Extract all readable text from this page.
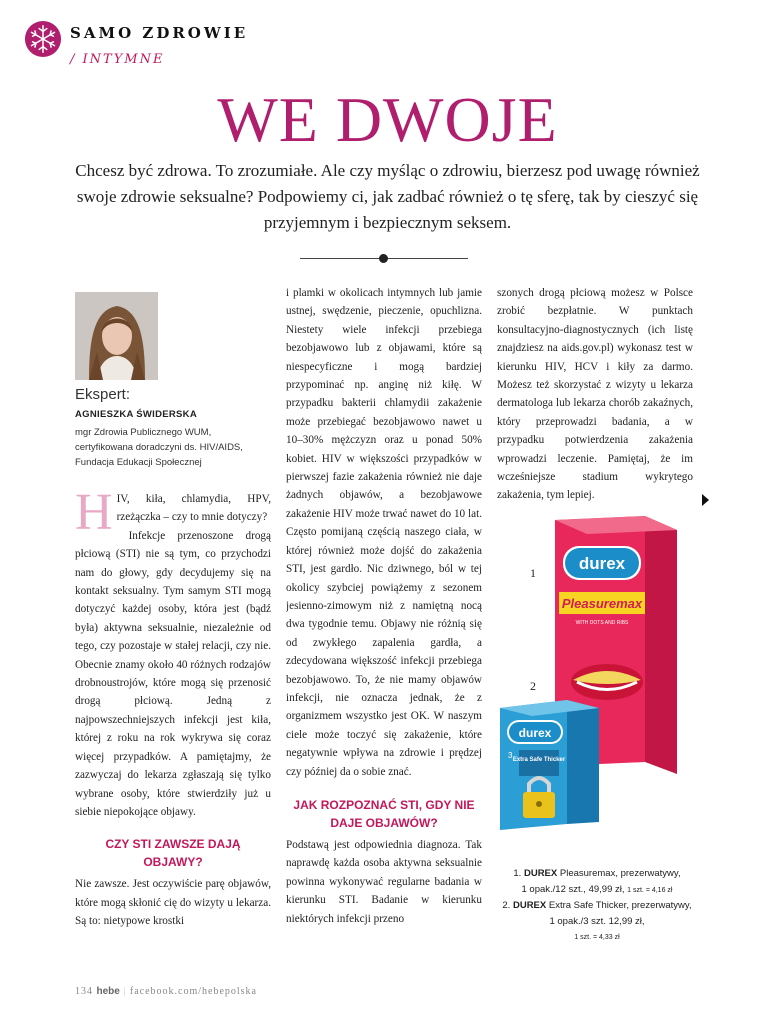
SAMO ZDROWIE
/ INTYMNE
WE DWOJE
Chcesz być zdrowa. To zrozumiałe. Ale czy myśląc o zdrowiu, bierzesz pod uwagę również swoje zdrowie seksualne? Podpowiemy ci, jak zadbać również o tę sferę, tak by cieszyć się przyjemnym i bezpiecznym seksem.
Ekspert:
AGNIESZKA ŚWIDERSKA
mgr Zdrowia Publicznego WUM,
certyfikowana doradczyni ds. HIV/AIDS,
Fundacja Edukacji Społecznej

HIV, kiła, chlamydia, HPV, rzeżączka – czy to mnie dotyczy?

Infekcje przenoszone drogą płciową (STI) nie są tym, co przychodzi nam do głowy, gdy decydujemy się na kontakt seksualny. Tym samym STI mogą dotyczyć każdej osoby, która jest (bądź była) aktywna seksualnie, niezależnie od tego, czy pozostaje w stałej relacji, czy nie. Obecnie znamy około 40 różnych rodzajów drobnoustrojów, które mogą się przenosić drogą płciową. Jedną z najpowszechniejszych infekcji jest kiła, której z roku na rok wykrywa się coraz więcej przypadków. A pamiętajmy, że zazwyczaj do lekarza zgłaszają się tylko wybrane osoby, które stwierdziły już u siebie niepokojące objawy.

CZY STI ZAWSZE DAJĄ OBJAWY?

Nie zawsze. Jest oczywiście parę objawów, które mogą skłonić cię do wizyty u lekarza. Są to: nietypowe krostki

i plamki w okolicach intymnych lub jamie ustnej, swędzenie, pieczenie, opuchlizna. Niestety wiele infekcji przebiega bezobjawowo lub z objawami, które są niespecyficzne i mogą bardziej przypominać np. anginę niż kiłę. W przypadku bakterii chlamydii zakażenie może przebiegać bezobjawowo nawet u 10–30% mężczyzn oraz u ponad 50% kobiet. HIV w większości przypadków w pierwszej fazie zakażenia również nie daje żadnych objawów, a bezobjawowe zakażenie HIV może trwać nawet do 10 lat. Często pomijaną częścią naszego ciała, w której również może dojść do zakażenia STI, jest gardło. Nic dziwnego, ból w tej okolicy szybciej powiążemy z sezonem jesienno-zimowym niż z namiętną nocą dwa tygodnie temu. Objawy nie różnią się od zwykłego zapalenia gardła, a zdecydowana większość infekcji przebiega bezobjawowo. To, że nie mamy objawów infekcji, nie oznacza jednak, że z organizmem wszystko jest OK. W naszym ciele może toczyć się zakażenie, które negatywnie wpływa na zdrowie i prędzej czy później da o sobie znać.

JAK ROZPOZNAĆ STI, GDY NIE DAJE OBJAWÓW?

Podstawą jest odpowiednia diagnoza. Tak naprawdę każda osoba aktywna seksualnie powinna wykonywać regularne badania w kierunku STI. Badanie w kierunku niektórych infekcji przeno

szonych drogą płciową możesz w Polsce zrobić bezpłatnie. W punktach konsultacyjno-diagnostycznych (ich listę znajdziesz na aids.gov.pl) wykonasz test w kierunku HIV, HCV i kiły za darmo. Możesz też skorzystać z wizyty u lekarza dermatologa lub lekarza chorób zakaźnych, który przeprowadzi badania, a w przypadku potwierdzenia zakażenia wprowadzi leczenie. Pamiętaj, że im wcześniejsze stadium wykrytego zakażenia, tym lepiej.

1
2
durex
Pleasuremax
WITH DOTS AND RIBS
durex
Extra Safe Thicker
3
1. DUREX Pleasuremax, prezerwatywy,
1 opak./12 szt., 49,99 zł, 1 szt. = 4,16 zł
2. DUREX Extra Safe Thicker, prezerwatywy,
1 opak./3 szt. 12,99 zł,
1 szt. = 4,33 zł
134 hebe | facebook.com/hebepolska
